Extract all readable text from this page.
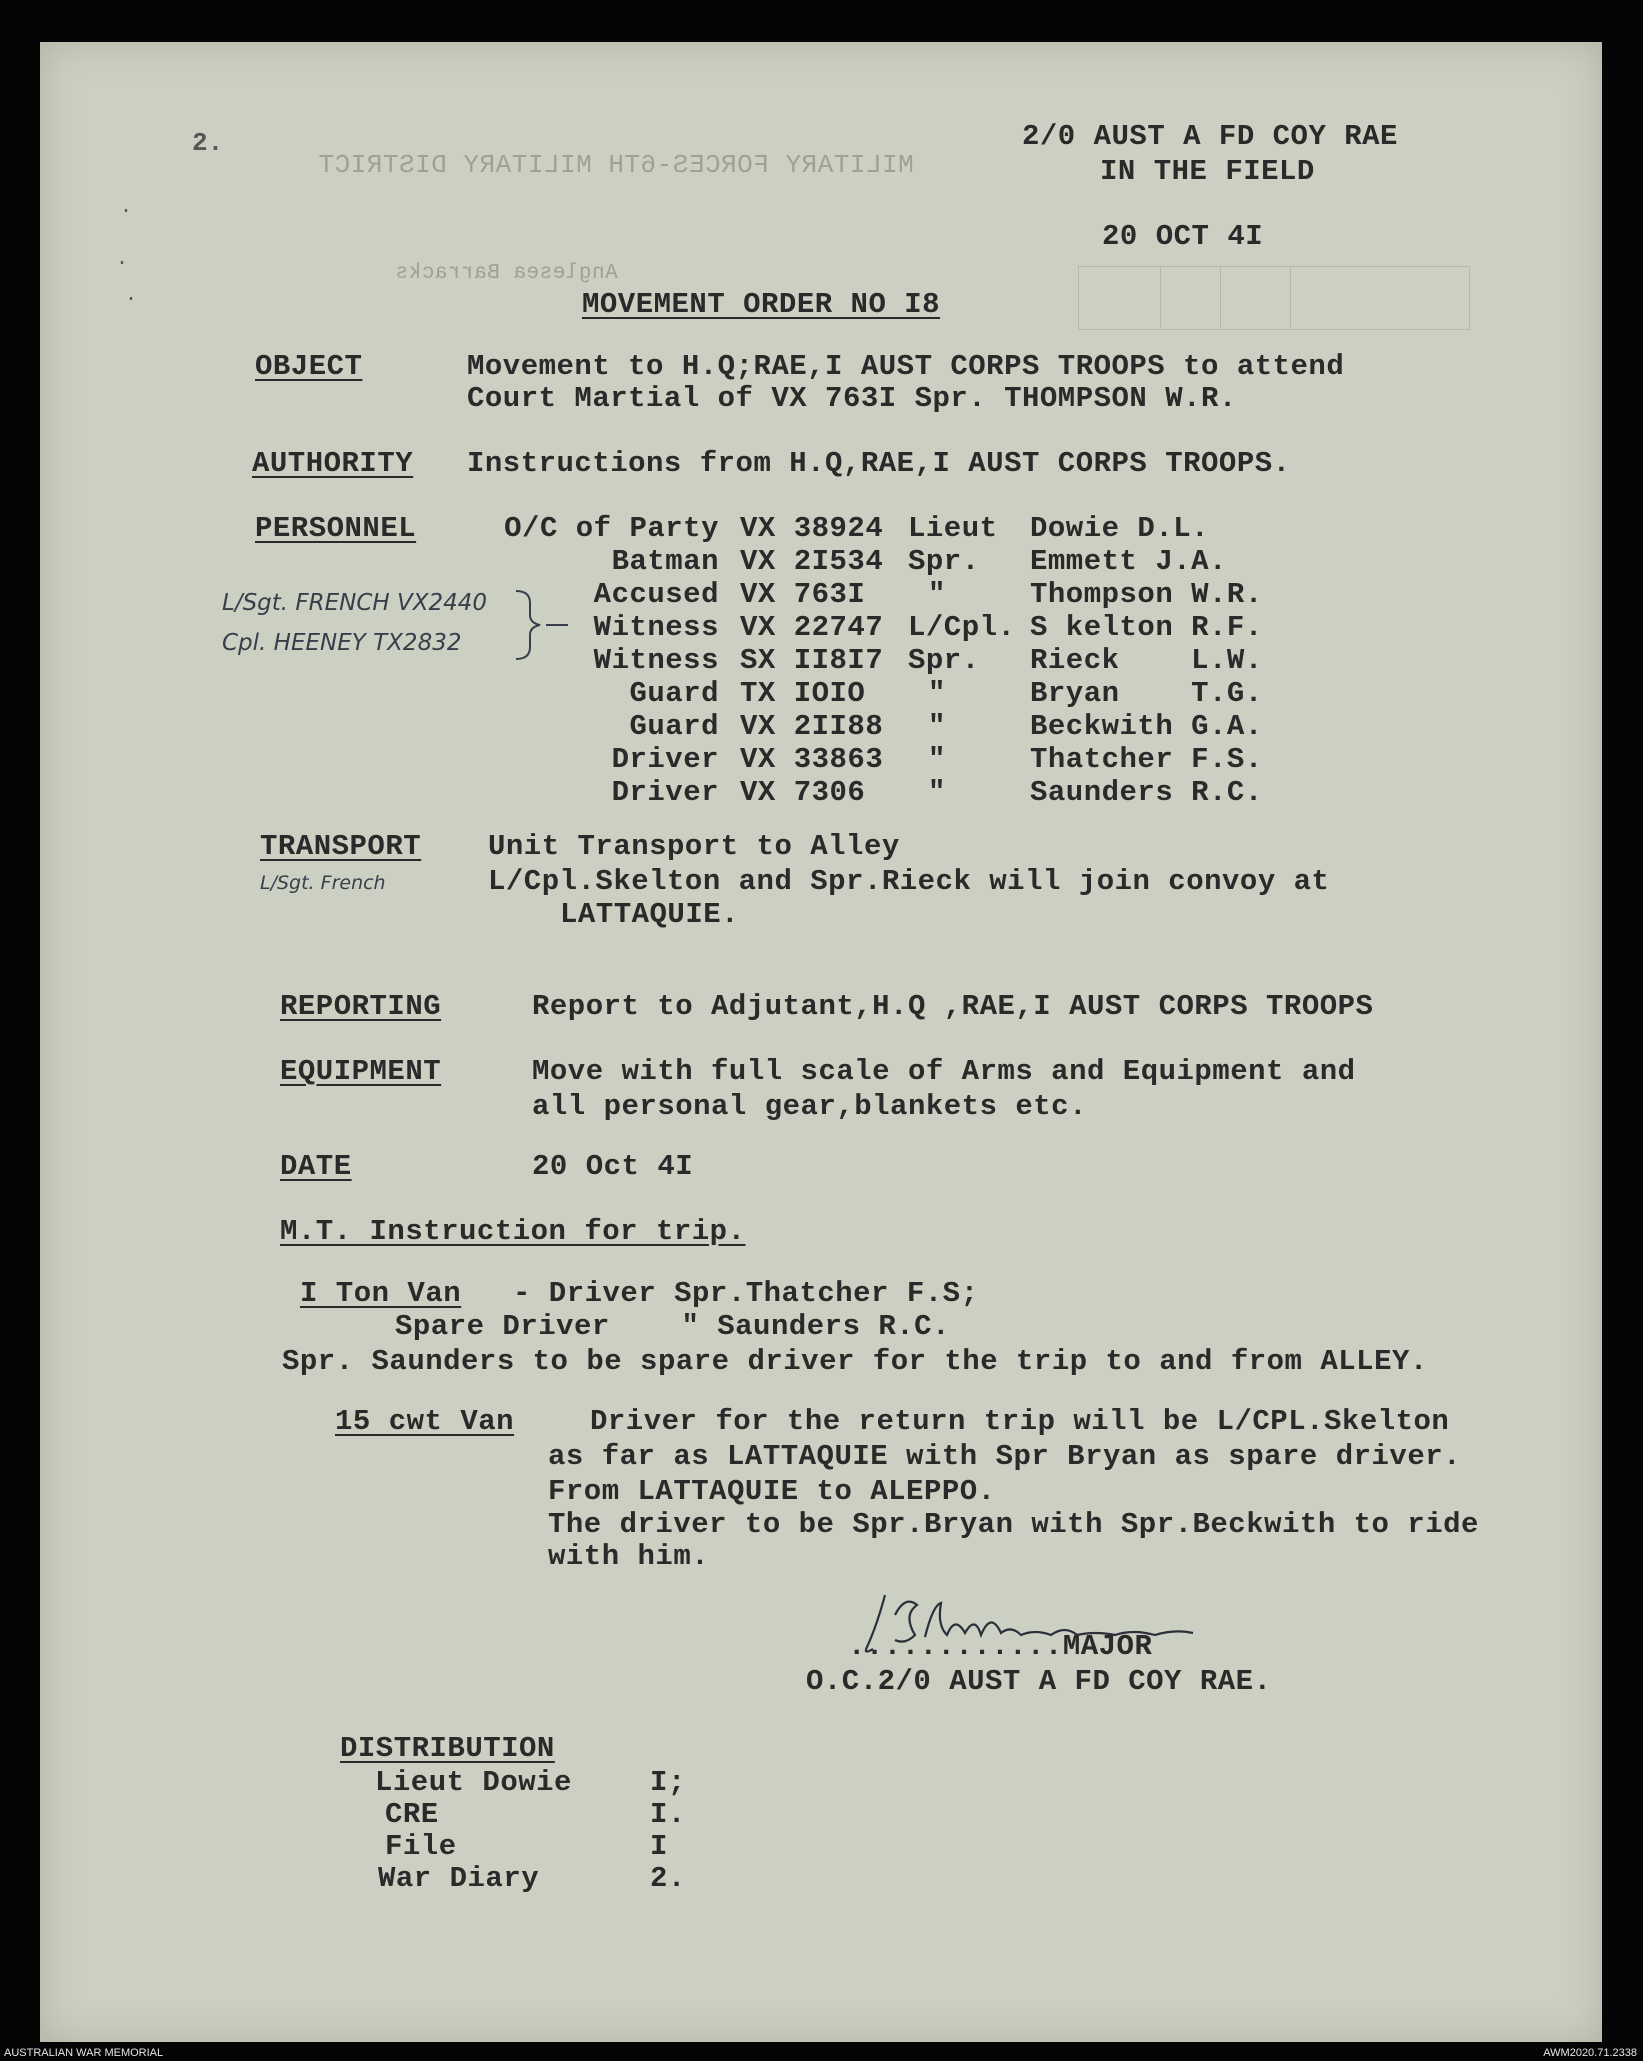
MILITARY FORCES-6TH MILITARY DISTRICT
Anglesea Barracks
2.
·
·
·
2/0 AUST A FD COY RAE
IN THE FIELD
20 OCT 4I
MOVEMENT ORDER NO I8
OBJECT	Movement to H.Q;RAE,I AUST CORPS TROOPS to attend
Court Martial of VX 763I Spr. THOMPSON W.R.
AUTHORITY Instructions from H.Q,RAE,I AUST CORPS TROOPS.
PERSONNEL	O/C of Party VX 38924 Lieut Dowie D.L.
Batman VX 2I534 Spr. Emmett J.A.
Accused VX 763I "	Thompson W.R.
Witness VX 22747 L/Cpl. S kelton R.F.
Witness SX II8I7 Spr. Rieck    L.W.
Guard TX IOIO "	Bryan    T.G.
Guard VX 2II88 "	Beckwith G.A.
Driver VX 33863 "	Thatcher F.S.
Driver VX 7306 "	Saunders R.C.
L/Sgt. FRENCH VX2440
Cpl. HEENEY TX2832
TRANSPORT
L/Sgt. French
Unit Transport to Alley
L/Cpl.Skelton and Spr.Rieck will join convoy at
LATTAQUIE.
REPORTING	Report to Adjutant,H.Q ,RAE,I AUST CORPS TROOPS
EQUIPMENT	Move with full scale of Arms and Equipment and
all personal gear,blankets etc.
DATE	20 Oct 4I
M.T. Instruction for trip.
I Ton Van - Driver Spr.Thatcher F.S;
Spare Driver    " Saunders R.C.
Spr. Saunders to be spare driver for the trip to and from ALLEY.
15 cwt Van	Driver for the return trip will be L/CPL.Skelton
as far as LATTAQUIE with Spr Bryan as spare driver.
From LATTAQUIE to ALEPPO.
The driver to be Spr.Bryan with Spr.Beckwith to ride
with him.
............MAJOR
O.C.2/0 AUST A FD COY RAE.
DISTRIBUTION
Lieut Dowie	I;
CRE	I.
File	I
War Diary	2.
AUSTRALIAN WAR MEMORIAL	AWM2020.71.2338
